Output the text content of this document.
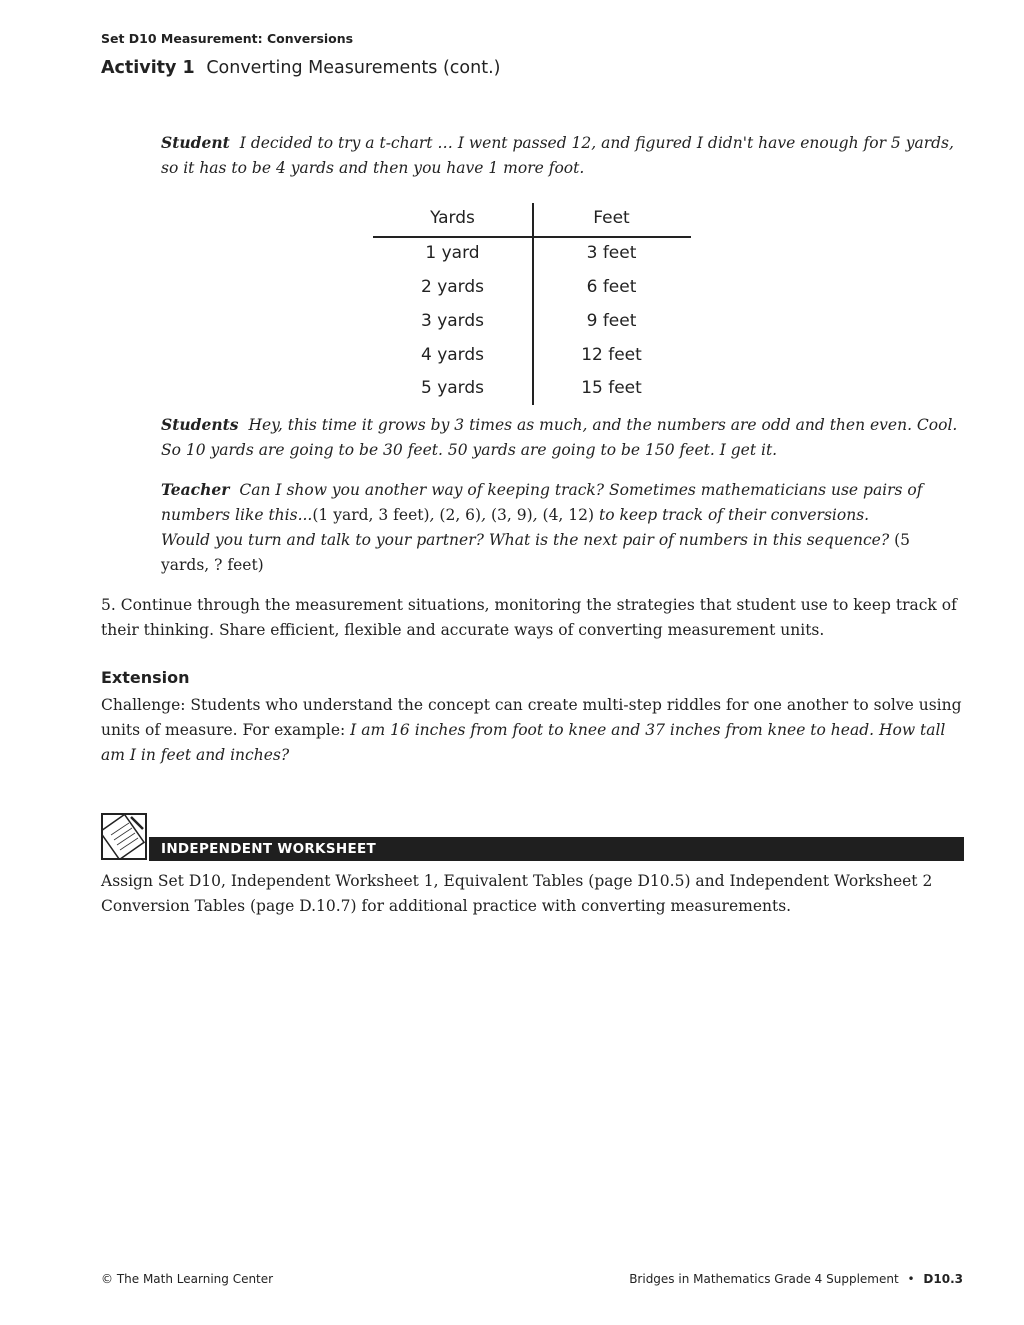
Set D10 Measurement: Conversions
Activity 1 Converting Measurements (cont.)
Student I decided to try a t-chart … I went passed 12, and figured I didn't have enough for 5 yards, so it has to be 4 yards and then you have 1 more foot.
Yards	Feet
1 yard	3 feet
2 yards	6 feet
3 yards	9 feet
4 yards	12 feet
5 yards	15 feet
Students Hey, this time it grows by 3 times as much, and the numbers are odd and then even. Cool. So 10 yards are going to be 30 feet. 50 yards are going to be 150 feet. I get it.
Teacher Can I show you another way of keeping track? Sometimes mathematicians use pairs of numbers like this...(1 yard, 3 feet), (2, 6), (3, 9), (4, 12) to keep track of their conversions.
Would you turn and talk to your partner? What is the next pair of numbers in this sequence? (5 yards, ? feet)
5. Continue through the measurement situations, monitoring the strategies that student use to keep track of their thinking. Share efficient, flexible and accurate ways of converting measurement units.
Extension
Challenge: Students who understand the concept can create multi-step riddles for one another to solve using units of measure. For example: I am 16 inches from foot to knee and 37 inches from knee to head. How tall am I in feet and inches?
INDEPENDENT WORKSHEET
Assign Set D10, Independent Worksheet 1, Equivalent Tables (page D10.5) and Independent Worksheet 2 Conversion Tables (page D.10.7) for additional practice with converting measurements.
© The Math Learning Center	Bridges in Mathematics Grade 4 Supplement • D10.3
